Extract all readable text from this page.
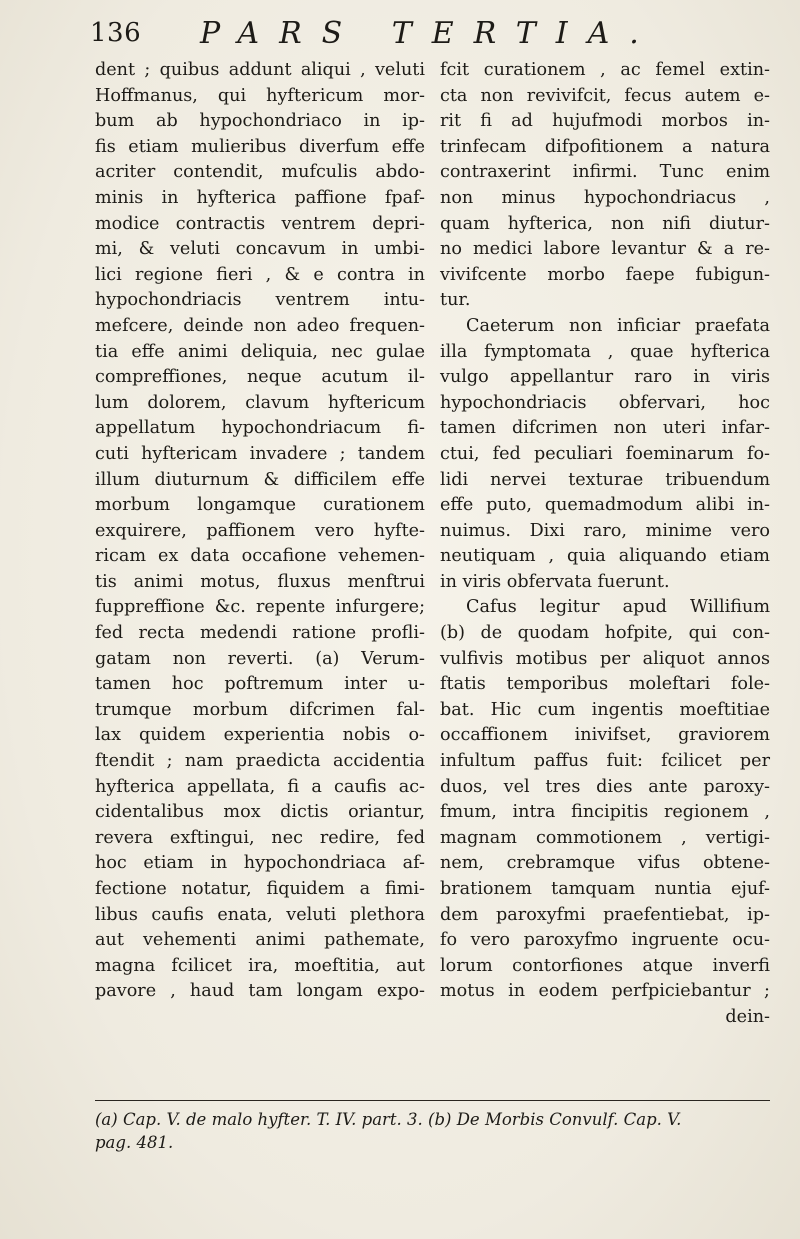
136 PARS TERTIA.

dent ; quibus addunt aliqui , veluti
Hoffmanus, qui hyftericum mor-
bum ab hypochondriaco in ip-
fis etiam mulieribus diverfum effe
acriter contendit, mufculis abdo-
minis in hyfterica paffione fpaf-
modice contractis ventrem depri-
mi, & veluti concavum in umbi-
lici regione fieri , & e contra in
hypochondriacis ventrem intu-
mefcere, deinde non adeo frequen-
tia effe animi deliquia, nec gulae
compreffiones, neque acutum il-
lum dolorem, clavum hyftericum
appellatum hypochondriacum fi-
cuti hyftericam invadere ; tandem
illum diuturnum & difficilem effe
morbum longamque curationem
exquirere, paffionem vero hyfte-
ricam ex data occafione vehemen-
tis animi motus, fluxus menftrui
fuppreffione &c. repente infurgere;
fed recta medendi ratione profli-
gatam non reverti. (a) Verum-
tamen hoc poftremum inter u-
trumque morbum difcrimen fal-
lax quidem experientia nobis o-
ftendit ; nam praedicta accidentia
hyfterica appellata, fi a caufis ac-
cidentalibus mox dictis oriantur,
revera exftingui, nec redire, fed
hoc etiam in hypochondriaca af-
fectione notatur, fiquidem a fimi-
libus caufis enata, veluti plethora
aut vehementi animi pathemate,
magna fcilicet ira, moeftitia, aut
pavore , haud tam longam expo-

fcit curationem , ac femel extin-
cta non revivifcit, fecus autem e-
rit fi ad hujufmodi morbos in-
trinfecam difpofitionem a natura
contraxerint infirmi. Tunc enim
non minus hypochondriacus ,
quam hyfterica, non nifi diutur-
no medici labore levantur & a re-
vivifcente morbo faepe fubigun-
tur.

Caeterum non inficiar praefata
illa fymptomata , quae hyfterica
vulgo appellantur raro in viris
hypochondriacis obfervari, hoc
tamen difcrimen non uteri infar-
ctui, fed peculiari foeminarum fo-
lidi nervei texturae tribuendum
effe puto, quemadmodum alibi in-
nuimus. Dixi raro, minime vero
neutiquam , quia aliquando etiam
in viris obfervata fuerunt.

Cafus legitur apud Willifium
(b) de quodam hofpite, qui con-
vulfivis motibus per aliquot annos
ftatis temporibus moleftari fole-
bat. Hic cum ingentis moeftitiae
occaffionem inivifset, graviorem
infultum paffus fuit: fcilicet per
duos, vel tres dies ante paroxy-
fmum, intra fincipitis regionem ,
magnam commotionem , vertigi-
nem, crebramque vifus obtene-
brationem tamquam nuntia ejuf-
dem paroxyfmi praefentiebat, ip-
fo vero paroxyfmo ingruente ocu-
lorum contorfiones atque inverfi
motus in eodem perfpiciebantur ;
dein-

(a) Cap. V. de malo hyfter. T. IV. part. 3. (b) De Morbis Convulf. Cap. V.
pag. 481.
